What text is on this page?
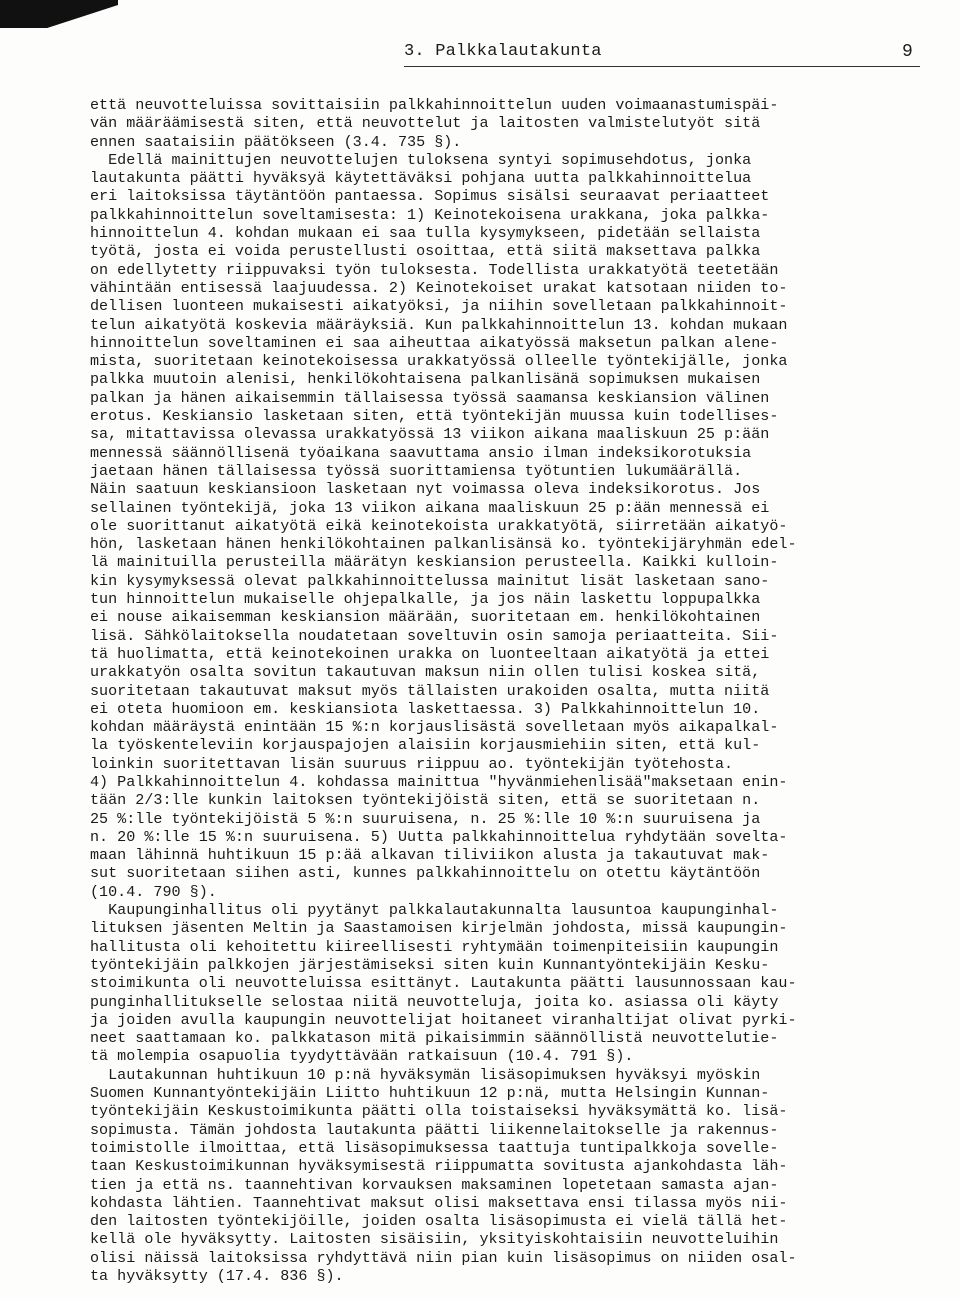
3. Palkkalautakunta	9
että neuvotteluissa sovittaisiin palkkahinnoittelun uuden voimaanastumispäi-
vän määräämisestä siten, että neuvottelut ja laitosten valmistelutyöt sitä
ennen saataisiin päätökseen (3.4. 735 §).
Edellä mainittujen neuvottelujen tuloksena syntyi sopimusehdotus, jonka
lautakunta päätti hyväksyä käytettäväksi pohjana uutta palkkahinnoittelua
eri laitoksissa täytäntöön pantaessa. Sopimus sisälsi seuraavat periaatteet
palkkahinnoittelun soveltamisesta: 1) Keinotekoisena urakkana, joka palkka-
hinnoittelun 4. kohdan mukaan ei saa tulla kysymykseen, pidetään sellaista
työtä, josta ei voida perustellusti osoittaa, että siitä maksettava palkka
on edellytetty riippuvaksi työn tuloksesta. Todellista urakkatyötä teetetään
vähintään entisessä laajuudessa. 2) Keinotekoiset urakat katsotaan niiden to-
dellisen luonteen mukaisesti aikatyöksi, ja niihin sovelletaan palkkahinnoit-
telun aikatyötä koskevia määräyksiä. Kun palkkahinnoittelun 13. kohdan mukaan
hinnoittelun soveltaminen ei saa aiheuttaa aikatyössä maksetun palkan alene-
mista, suoritetaan keinotekoisessa urakkatyössä olleelle työntekijälle, jonka
palkka muutoin alenisi, henkilökohtaisena palkanlisänä sopimuksen mukaisen
palkan ja hänen aikaisemmin tällaisessa työssä saamansa keskiansion välinen
erotus. Keskiansio lasketaan siten, että työntekijän muussa kuin todellises-
sa, mitattavissa olevassa urakkatyössä 13 viikon aikana maaliskuun 25 p:ään
mennessä säännöllisenä työaikana saavuttama ansio ilman indeksikorotuksia
jaetaan hänen tällaisessa työssä suorittamiensa työtuntien lukumäärällä.
Näin saatuun keskiansioon lasketaan nyt voimassa oleva indeksikorotus. Jos
sellainen työntekijä, joka 13 viikon aikana maaliskuun 25 p:ään mennessä ei
ole suorittanut aikatyötä eikä keinotekoista urakkatyötä, siirretään aikatyö-
hön, lasketaan hänen henkilökohtainen palkanlisänsä ko. työntekijäryhmän edel-
lä mainituilla perusteilla määrätyn keskiansion perusteella. Kaikki kulloin-
kin kysymyksessä olevat palkkahinnoittelussa mainitut lisät lasketaan sano-
tun hinnoittelun mukaiselle ohjepalkalle, ja jos näin laskettu loppupalkka
ei nouse aikaisemman keskiansion määrään, suoritetaan em. henkilökohtainen
lisä. Sähkölaitoksella noudatetaan soveltuvin osin samoja periaatteita. Sii-
tä huolimatta, että keinotekoinen urakka on luonteeltaan aikatyötä ja ettei
urakkatyön osalta sovitun takautuvan maksun niin ollen tulisi koskea sitä,
suoritetaan takautuvat maksut myös tällaisten urakoiden osalta, mutta niitä
ei oteta huomioon em. keskiansiota laskettaessa. 3) Palkkahinnoittelun 10.
kohdan määräystä enintään 15 %:n korjauslisästä sovelletaan myös aikapalkal-
la työskenteleviin korjauspajojen alaisiin korjausmiehiin siten, että kul-
loinkin suoritettavan lisän suuruus riippuu ao. työntekijän työtehosta.
4) Palkkahinnoittelun 4. kohdassa mainittua "hyvänmiehenlisää"maksetaan enin-
tään 2/3:lle kunkin laitoksen työntekijöistä siten, että se suoritetaan n.
25 %:lle työntekijöistä 5 %:n suuruisena, n. 25 %:lle 10 %:n suuruisena ja
n. 20 %:lle 15 %:n suuruisena. 5) Uutta palkkahinnoittelua ryhdytään sovelta-
maan lähinnä huhtikuun 15 p:ää alkavan tiliviikon alusta ja takautuvat mak-
sut suoritetaan siihen asti, kunnes palkkahinnoittelu on otettu käytäntöön
(10.4. 790 §).
Kaupunginhallitus oli pyytänyt palkkalautakunnalta lausuntoa kaupunginhal-
lituksen jäsenten Meltin ja Saastamoisen kirjelmän johdosta, missä kaupungin-
hallitusta oli kehoitettu kiireellisesti ryhtymään toimenpiteisiin kaupungin
työntekijäin palkkojen järjestämiseksi siten kuin Kunnantyöntekijäin Kesku-
stoimikunta oli neuvotteluissa esittänyt. Lautakunta päätti lausunnossaan kau-
punginhallitukselle selostaa niitä neuvotteluja, joita ko. asiassa oli käyty
ja joiden avulla kaupungin neuvottelijat hoitaneet viranhaltijat olivat pyrki-
neet saattamaan ko. palkkatason mitä pikaisimmin säännöllistä neuvottelutie-
tä molempia osapuolia tyydyttävään ratkaisuun (10.4. 791 §).
Lautakunnan huhtikuun 10 p:nä hyväksymän lisäsopimuksen hyväksyi myöskin
Suomen Kunnantyöntekijäin Liitto huhtikuun 12 p:nä, mutta Helsingin Kunnan-
työntekijäin Keskustoimikunta päätti olla toistaiseksi hyväksymättä ko. lisä-
sopimusta. Tämän johdosta lautakunta päätti liikennelaitokselle ja rakennus-
toimistolle ilmoittaa, että lisäsopimuksessa taattuja tuntipalkkoja sovelle-
taan Keskustoimikunnan hyväksymisestä riippumatta sovitusta ajankohdasta läh-
tien ja että ns. taannehtivan korvauksen maksaminen lopetetaan samasta ajan-
kohdasta lähtien. Taannehtivat maksut olisi maksettava ensi tilassa myös nii-
den laitosten työntekijöille, joiden osalta lisäsopimusta ei vielä tällä het-
kellä ole hyväksytty. Laitosten sisäisiin, yksityiskohtaisiin neuvotteluihin
olisi näissä laitoksissa ryhdyttävä niin pian kuin lisäsopimus on niiden osal-
ta hyväksytty (17.4. 836 §).
